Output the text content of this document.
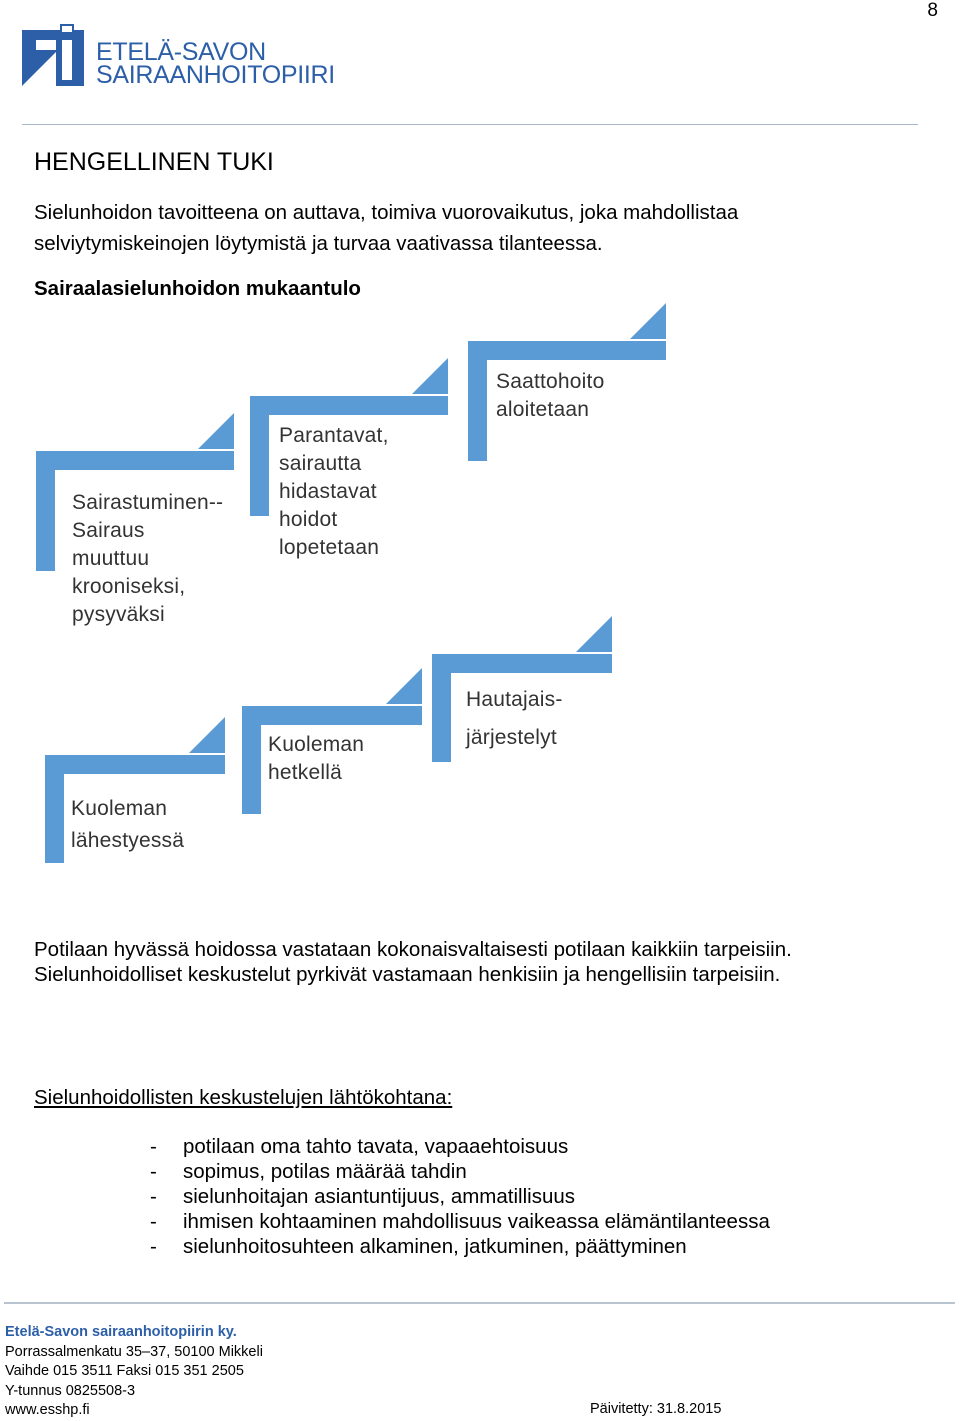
8
ETELÄ-SAVON
SAIRAANHOITOPIIRI
HENGELLINEN TUKI
Sielunhoidon tavoitteena on auttava, toimiva vuorovaikutus, joka mahdollistaa
selviytymiskeinojen löytymistä ja turvaa vaativassa tilanteessa.
Sairaalasielunhoidon mukaantulo
Sairastuminen--
Sairaus
muuttuu
krooniseksi,
pysyväksi
Parantavat,
sairautta
hidastavat
hoidot
lopetetaan
Saattohoito
aloitetaan
Kuoleman
lähestyessä
Kuoleman
hetkellä
Hautajais-
järjestelyt
Potilaan hyvässä hoidossa vastataan kokonaisvaltaisesti potilaan kaikkiin tarpeisiin.
Sielunhoidolliset keskustelut pyrkivät vastamaan henkisiin ja hengellisiin tarpeisiin.
Sielunhoidollisten keskustelujen lähtökohtana:
- potilaan oma tahto tavata, vapaaehtoisuus
- sopimus, potilas määrää tahdin
- sielunhoitajan asiantuntijuus, ammatillisuus
- ihmisen kohtaaminen mahdollisuus vaikeassa elämäntilanteessa
- sielunhoitosuhteen alkaminen, jatkuminen, päättyminen
Etelä-Savon sairaanhoitopiirin ky.
Porrassalmenkatu 35–37, 50100 Mikkeli
Vaihde 015 3511 Faksi 015 351 2505
Y-tunnus 0825508-3
www.esshp.fi	Päivitetty: 31.8.2015
